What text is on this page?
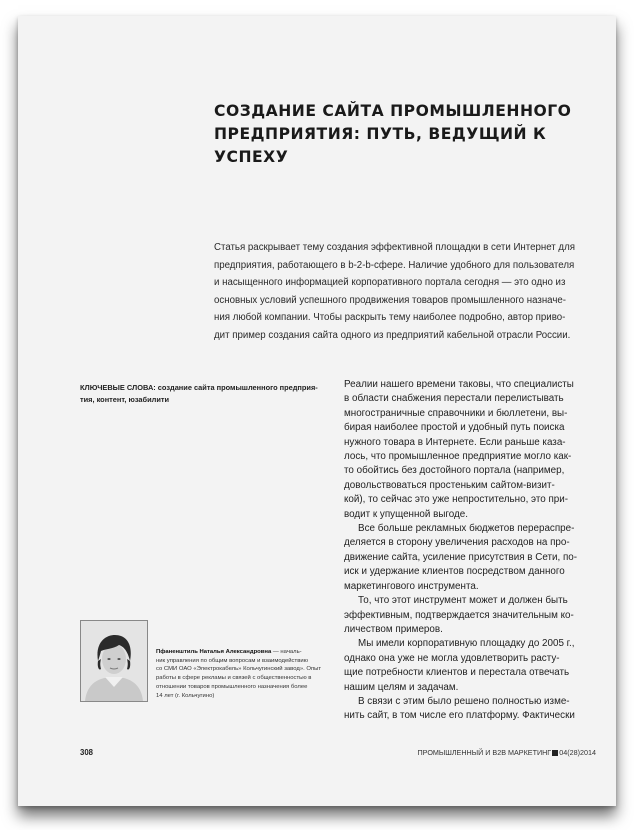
СОЗДАНИЕ САЙТА ПРОМЫШЛЕННОГО
ПРЕДПРИЯТИЯ: ПУТЬ, ВЕДУЩИЙ К УСПЕХУ

Статья раскрывает тему создания эффективной площадки в сети Интернет для
предприятия, работающего в b-2-b-сфере. Наличие удобного для пользователя
и насыщенного информацией корпоративного портала сегодня — это одно из
основных условий успешного продвижения товаров промышленного назначе-
ния любой компании. Чтобы раскрыть тему наиболее подробно, автор приво-
дит пример создания сайта одного из предприятий кабельной отрасли России.

КЛЮЧЕВЫЕ СЛОВА: создание сайта промышленного предприя-
тия, контент, юзабилити

Реалии нашего времени таковы, что специалисты
в области снабжения перестали перелистывать
многостраничные справочники и бюллетени, вы-
бирая наиболее простой и удобный путь поиска
нужного товара в Интернете. Если раньше каза-
лось, что промышленное предприятие могло как-
то обойтись без достойного портала (например,
довольствоваться простеньким сайтом-визит-
кой), то сейчас это уже непростительно, это при-
водит к упущенной выгоде.
Все больше рекламных бюджетов перераспре-
деляется в сторону увеличения расходов на про-
движение сайта, усиление присутствия в Сети, по-
иск и удержание клиентов посредством данного
маркетингового инструмента.
То, что этот инструмент может и должен быть
эффективным, подтверждается значительным ко-
личеством примеров.
Мы имели корпоративную площадку до 2005 г.,
однако она уже не могла удовлетворить расту-
щие потребности клиентов и перестала отвечать
нашим целям и задачам.
В связи с этим было решено полностью изме-
нить сайт, в том числе его платформу. Фактически

Пфаненштиль Наталья Александровна — началь-
ник управления по общим вопросам и взаимодействию
со СМИ ОАО «Электрокабель» Кольчугинский завод». Опыт
работы в сфере рекламы и связей с общественностью в
отношении товаров промышленного назначения более
14 лет (г. Кольчугино)

308	ПРОМЫШЛЕННЫЙ И B2B МАРКЕТИНГ 04(28)2014
